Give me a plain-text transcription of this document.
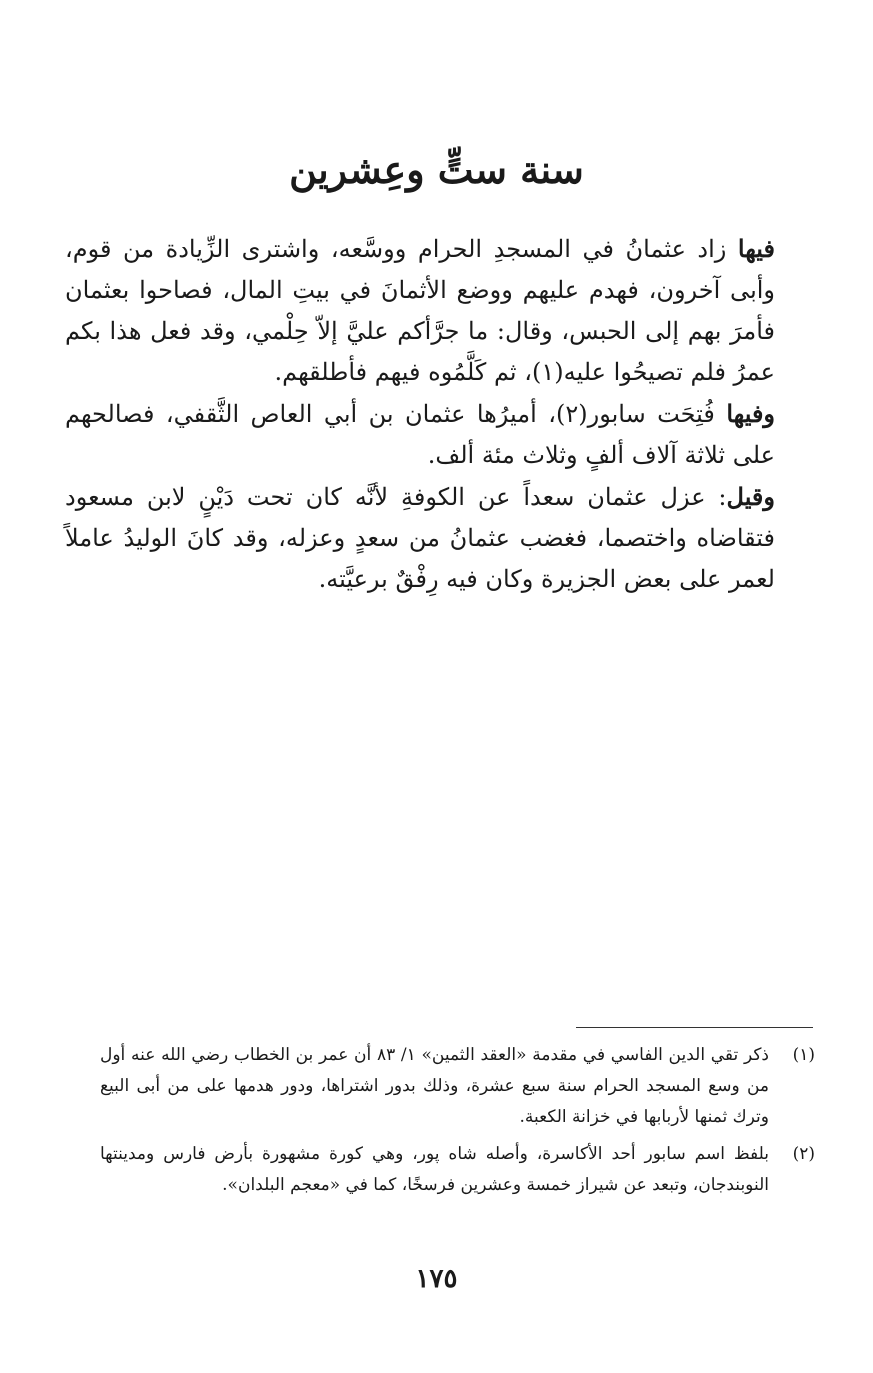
سنة ستٍّ وعِشرين

فيها زاد عثمانُ في المسجدِ الحرام ووسَّعه، واشترى الزِّيادة من قوم، وأبى آخرون، فهدم عليهم ووضع الأثمانَ في بيتِ المال، فصاحوا بعثمان فأمرَ بهم إلى الحبس، وقال: ما جرَّأكم عليَّ إلاّ حِلْمي، وقد فعل هذا بكم عمرُ فلم تصيحُوا عليه(١)، ثم كَلَّمُوه فيهم فأطلقهم.

وفيها فُتِحَت سابور(٢)، أميرُها عثمان بن أبي العاص الثَّقفي، فصالحهم على ثلاثة آلاف ألفٍ وثلاث مئة ألف.

وقيل: عزل عثمان سعداً عن الكوفةِ لأنَّه كان تحت دَيْنٍ لابن مسعود فتقاضاه واختصما، فغضب عثمانُ من سعدٍ وعزله، وقد كانَ الوليدُ عاملاً لعمر على بعض الجزيرة وكان فيه رِفْقٌ برعيَّته.

(١)
ذكر تقي الدين الفاسي في مقدمة «العقد الثمين» ١/ ٨٣ أن عمر بن الخطاب رضي الله عنه أول من وسع المسجد الحرام سنة سبع عشرة، وذلك بدور اشتراها، ودور هدمها على من أبى البيع وترك ثمنها لأربابها في خزانة الكعبة.
(٢)
بلفظ اسم سابور أحد الأكاسرة، وأصله شاه پور، وهي كورة مشهورة بأرض فارس ومدينتها النوبندجان، وتبعد عن شيراز خمسة وعشرين فرسخًا، كما في «معجم البلدان».
١٧٥
